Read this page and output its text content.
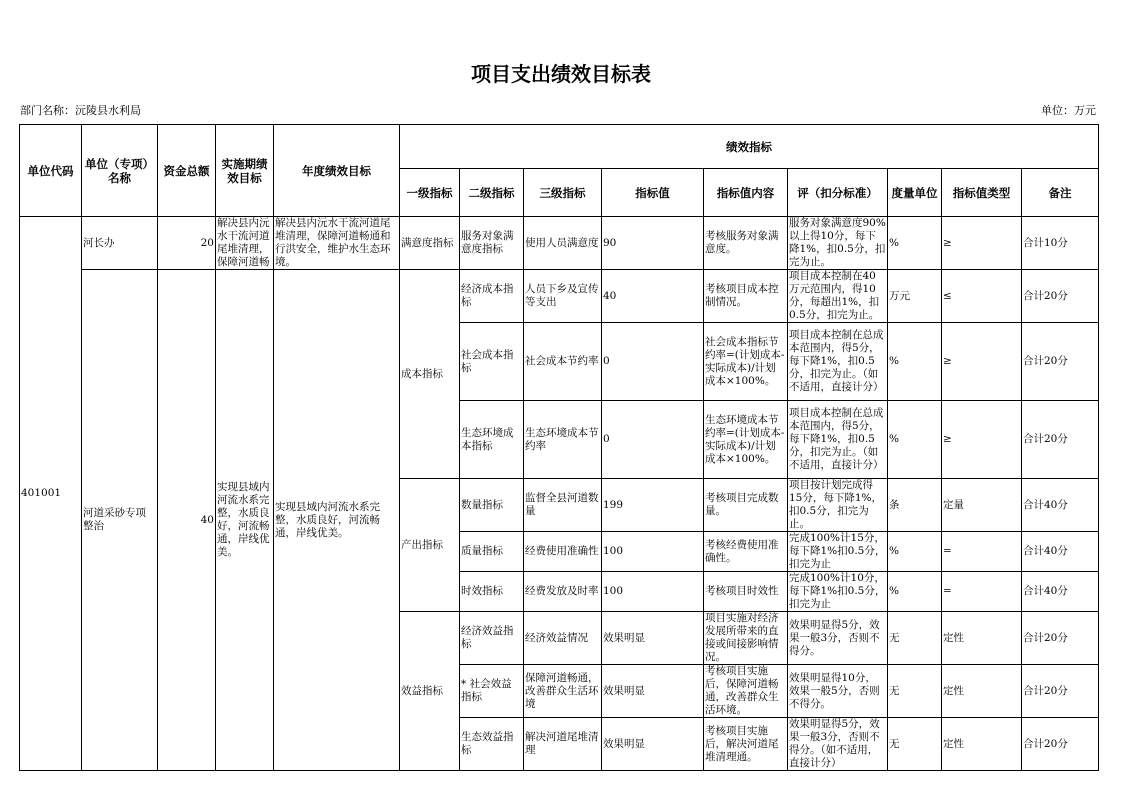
项目支出绩效目标表
部门名称：沅陵县水利局	单位：万元
单位代码	单位（专项）名称	资金总额	实施期绩效目标	年度绩效目标	绩效指标								
					一级指标	二级指标	三级指标	指标值	指标值内容	评（扣分标准）	度量单位	指标值类型	备注
401001	河长办	20	解决县内沅水干流河道尾堆清理，保障河道畅	解决县内沅水干流河道尾堆清理，保障河道畅通和行洪安全，维护水生态环境。	满意度指标	服务对象满意度指标	使用人员满意度	90	考核服务对象满意度。	服务对象满意度90%以上得10分，每下降1%，扣0.5分，扣完为止。	%	≥	合计10分
	河道采砂专项整治	40	实现县域内河流水系完整，水质良好，河流畅通，岸线优美。	实现县域内河流水系完整，水质良好，河流畅通，岸线优美。	成本指标	经济成本指标	人员下乡及宣传等支出	40	考核项目成本控制情况。	项目成本控制在40万元范围内，得10分，每超出1%，扣0.5分，扣完为止。	万元	≤	合计20分
						社会成本指标	社会成本节约率	0	社会成本指标节约率=(计划成本-实际成本)/计划成本×100%。	项目成本控制在总成本范围内，得5分，每下降1%，扣0.5分，扣完为止。（如不适用，直接计分）	%	≥	合计20分
						生态环境成本指标	生态环境成本节约率	0	生态环境成本节约率=(计划成本-实际成本)/计划成本×100%。	项目成本控制在总成本范围内，得5分，每下降1%，扣0.5分，扣完为止。（如不适用，直接计分）	%	≥	合计20分
					产出指标	数量指标	监督全县河道数量	199	考核项目完成数量。	项目按计划完成得15分，每下降1%，扣0.5分，扣完为止。	条	定量	合计40分
						质量指标	经费使用准确性	100	考核经费使用准确性。	完成100%计15分，每下降1%扣0.5分，扣完为止	%	=	合计40分
						时效指标	经费发放及时率	100	考核项目时效性	完成100%计10分，每下降1%扣0.5分，扣完为止	%	=	合计40分
					效益指标	经济效益指标	经济效益情况	效果明显	项目实施对经济发展所带来的直接或间接影响情况。	效果明显得5分，效果一般3分，否则不得分。	无	定性	合计20分
						* 社会效益指标	保障河道畅通，改善群众生活环境	效果明显	考核项目实施后，保障河道畅通，改善群众生活环境。	效果明显得10分，效果一般5分，否则不得分。	无	定性	合计20分
						生态效益指标	解决河道尾堆清理	效果明显	考核项目实施后，解决河道尾堆清理通。	效果明显得5分，效果一般3分，否则不得分。（如不适用，直接计分）	无	定性	合计20分
